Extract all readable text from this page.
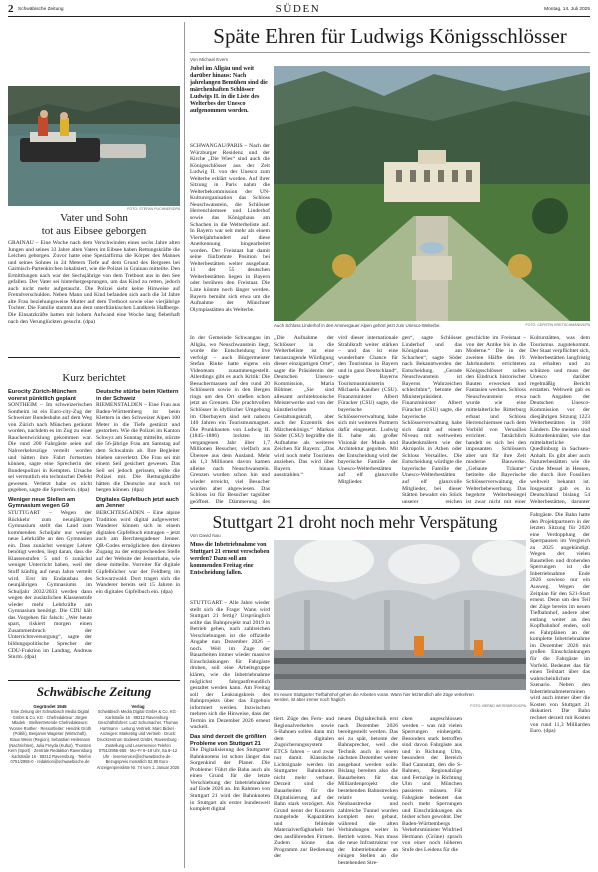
2 Schwäbische Zeitung	SÜDEN	Montag, 14. Juli 2025
FOTO: STEFAN PUCHNER/DPA
Vater und Sohn
tot aus Eibsee geborgen
GRAINAU – Eine Woche nach dem Verschwinden eines sechs Jahre alten Jungen und seines 33 Jahre alten Vaters im Eibsee haben Rettungskräfte die Leichen geborgen. Zuvor hatte eine Spezialfirma die Körper des Mannes und seines Sohnes in 24 Metern Tiefe auf dem Grund des Bergsees bei Garmisch-Partenkirchen lokalisiert, wie die Polizei in Grainau mitteilte. Den Ermittlungen nach war der Sechsjährige von dem Tretboot aus in den See gefallen. Der Vater sei hinterhergesprungen, um das Kind zu retten, jedoch auch nicht mehr aufgetaucht. Die Polizei sieht keine Hinweise auf Fremdverschulden. Neben Mann und Kind befanden sich auch die 34 Jahre alte Frau beziehungsweise Mutter auf dem Tretboot sowie eine vierjährige Tochter. Die Familie stammt aus dem unterfränkischen Landkreis Haßberge. Die Einsatzkräfte hatten mit hohem Aufwand eine Woche lang fieberhaft nach den Verunglückten gesucht. (dpa)
Kurz berichtet
Eurocity Zürich-München vorerst pünktlich geplant
SONTHEIM – Im schweizerischen Sontheim ist ein Euro-city-Zug der Schweizer Bundesbahn auf dem Weg von Zürich nach München geräumt worden, nachdem es im Zug zu einer Rauchentwicklung gekommen war. Die rund 200 Fahrgäste seien auf Nahverkehrszüge verteilt worden und hätten ihre Fahrt fortsetzen können, sagte eine Sprecherin der Bundespolizei in Kempten. Ursache sei vermutlich ein technischer Defekt gewesen. Verletzt habe es nicht gegeben, sagte die Sprecherin. (dpa)
Weniger neue Stellen am Gymnasium wegen G9
STUTTGART – Wegen der Rückkehr zum neunjährigen Gymnasium stellt das Land zum kommenden Schuljahr nur wenige neue Lehrkräfte an den Gymnasien ein. Dass zunächst weniger Lehrer benötigt werden, liegt daran, dass die Klassenstufen 5 und 6 zunächst weniger Unterricht haben, weil der Stoff künftig auf neun Jahre verteilt wird. Erst im Endausbau des neunjährigen Gymnasiums im Schuljahr 2032/2033 werden dann wegen der zusätzlichen Klassenstufe wieder mehr Lehrkräfte am Gymnasium benötigt. Die CDU hält das Vorgehen für falsch: „Wer heute spart, riskiert morgen einen Zusammenbruch der Unterrichtsversorgung“, sagte der bildungspolitische Sprecher der CDU-Fraktion im Landtag, Andreas Sturm. (dpa)
Deutsche stürbe beim Klettern in der Schweiz
RIEMENSTALDEN – Eine Frau aus Baden-Württemberg ist beim Klettern in den Schweizer Alpen 100 Meter in die Tiefe gestürzt und gestorben. Wie die Polizei im Kanton Schwyz am Sonntag mitteilte, stürzte die 56-jährige Frau am Samstag auf dem Schwalmis ab. Ihre Begleiter blieben unverletzt. Die Frau sei mit einem Seil gesichert gewesen. Das Seil sei jedoch gerissen, teilte die Polizei mit. Die Rettungskräfte hätten die Deutsche nur noch tot bergen können. (dpa)
Digitales Gipfelbuch jetzt auch am Jenner
BERCHTESGADEN – Eine alpine Tradition wird digital aufgewertet: Wanderer können sich in einem digitalen Gipfelbuch eintragen – jetzt auch am Berchtesgadener Jenner. QR-Codes ermöglichen den direkten Zugang zu der entsprechenden Stelle auf der Website der Jennerbahn, wie diese mitteilte. Vorreiter für digitale Gipfelbücher war der Feldberg im Schwarzwald. Dort tragen sich die Wanderer bereits seit 15 Jahren in ein digitales Gipfelbuch ein. (dpa)
Schwäbische Zeitung
Gegründet 1945
Eine Zeitung der Schwäbisch Media Digital GmbH & Co. KG · Chefredakteur: Jürgen Mladek · Stellvertretende Chefredakteure: Yvonne Roither · Ressortleiter: Hendrik Groth (Politik), Benjamin Wagener (Wirtschaft), Klaus Weiss (Region), Sebastian Heilemann (Nachrichten), Julia Freyda (Kultur), Thorsten Kern (Sport) · Zentrale Redaktion Ravensburg · Karlstraße 16 · 88212 Ravensburg · Telefon 0751/2955-0 · redaktion@schwaebische.de
Verlag
Schwäbisch Media Digital GmbH & Co. KG · Karlstraße 16 · 88212 Ravensburg · Geschäftsführer: Lutz Schumacher, Thomas Hartmann · Leitung Vertrieb: Marc Bickel · Anzeigen: Marketing und Vertrieb · Druck: Druckzentrum Südwest GmbH, Ravensburg · Zustellung und Leserservice Telefon 0751/2955-555 · Mo–Fr 6–18 Uhr, Sa 6–12 Uhr · leserservice@schwaebische.de · Bezugspreis monatlich 52,90 Euro · Anzeigenpreisliste Nr. 74 vom 1. Januar 2025
Späte Ehren für Ludwigs Königsschlösser
Von Michael Evers
Jubel im Allgäu und weit darüber hinaus: Nach jahrelangen Bemühen sind die märchenhaften Schlösser Ludwigs II. in die Liste des Welterbes der Unesco aufgenommen worden.
SCHWANGAU/PARIS – Nach der Würzburger Residenz und der Kirche „Die Wies“ sind auch die Königsschlösser aus der Zeit Ludwig II. von der Unesco zum Welterbe erklärt worden. Auf ihrer Sitzung in Paris nahm die Welterbekommission der UN-Kulturorganisation das Schloss Neuschwanstein, die Schlösser Herrenchiemsee und Linderhof sowie das Königshaus am Schachen in die Welterbeliste auf. In Bayern war seit mehr als einem Vierteljahrhundert auf diese Anerkennung hingearbeitet worden. Der Freistaat hat damit seine fünfzehnte Position bei Welterbestätten weiter ausgebaut. 11 der 55 deutschen Welterbestätten liegen in Bayern oder berühren den Freistaat. Die Liste könnte noch länger werden. Bayern bemüht sich etwa um die Aufnahme der Münchner Olympiastätten als Welterbe.
In der Gemeinde Schwangau im Allgäu, wo Neuschwanstein liegt, wurde die Entscheidung live verfolgt – auch Bürgermeister Stefan Rinke hatte eigens ein Videoteam zusammengestellt. Allerdings gibt es auch Kritik: Die Besuchermassen auf den rund 20 Schlössern sowie in den Bergen rings um den Ort stießen schon jetzt an Grenzen. Die prachtvollen Schlösser in idyllischer Umgebung im Oberbayern sind seit nahezu 140 Jahren ein Tourismusmagnet. Die Prunkbauten von Ludwig II. (1845–1886) lockten im vergangenen Jahr über 1,7 Millionen Besucher, vielfach aus Übersee aus dem Ausland. Mehr als 1,3 Millionen davon kamen alleine nach Neuschwanstein. Grenzen wurden schon hin und wieder erreicht, viel Besucher wurden aber abgewiesen. Das Schloss ist für Besucher tagsüber geöffnet. Die Dämmerung des
Auch Schloss Linderhof in den Ammergauer Alpen gehört jetzt zum Unesco-Welterbe.	FOTO: CERSTIN KRETSCHMANN/DPA
„Die Aufnahme der Schlösser in die Welterbeliste ist eine herausragende Würdigung dieser einzigartigen Orte“, sagte die Präsidentin der Deutschen Unesco-Kommission, Maria Böhmer. „Sie sind allesamt architektonische Meisterwerke und von der künstlerischen Gestaltungskraft, aber auch der Exzentrik des Märchenkönigs.“ Markus Söder (CSU) begrüßte die Aufnahme als weiteres Zeichen für Bayern: „Das wird noch mehr Touristen anziehen. Das wird über Bayern hinaus ausstrahlen.“
vird dieser internationale Strahlkraft weiter stärken – und das ist eine wunderbare Chance für den Tourismus in Bayern und in ganz Deutschland“, sagte Bayerns Tourismusministerin Michaela Kaniber (CSU). Finanzminister Albert Füracker (CSU) sagte, die bayerische Schlösserverwaltung habe sich mit weiteren Partnern dafür eingesetzt. Ludwig II. habe als großer Visionär der Musik und Architektur gegolten. Mit der Entscheidung wird der bayerische Familie der Unesco-Welterbestätten auf elf glanzvolle Mitglieder.
gen“, sagte Schlösser Linderhof und das Königshaus am Schachen“, sagte Söder nach Bekanntwerden der Entscheidung. „Gerade Neuschwanstein ist Bayerns Wahrzeichen schlechthin“, betonte der Ministerpräsident. Finanzminister Albert Füracker (CSU) sagte, die bayerische Schlösserverwaltung habe sich damit auf einem Niveau mit weltweiten Baudenkmälern wie der Akropolis in Athen oder Schloss Versailles. Die Entscheidung würdigte die bayerische Familie der Unesco-Welterbestätten auf elf glanzvolle Mitglieder, bei dieser Stätten bewahrt ein Stück unserer reichen
geschichte im Freistaat – von der Antike bis in die Moderne.“ Die in der zweiten Hälfte des 19. Jahrhunderts errichteten Königsschlösser sollen den Eindruck historischer Bauten erwecken und Fantasien wecken. Schloss Neuschwanstein etwa wurde wie eine mittelalterliche Ritterburg erbaut und Schloss Herrenchiemsee nach dem Vorbild von Versailles errichtet. Tatsächlich handelt es sich bei den imposanten Schlössern aber um für ihre Zeit moderne Bauwerke. „Gebaute Träume“ betitelte die Bayerische Schlösserverwaltung die Welterbebewerbung. Das begehrte Welterbesiegel ist zwar nicht mit einer
Kulturstätten, was dem Tourismus zugutekommt. Der Staat verpflichtet sich, Welterbestätten langfristig zu erhalten und zu schützen und muss der Unesco darüber regelmäßig Bericht erstatten. Weltweit gab es nach Angaben der Deutschen Unesco-Kommission vor der diesjährigen Sitzung 1223 Welterbestätten in 168 Ländern. Die meisten sind Kulturdenkmäler, wie das mittelalterliche Quedlinburg in Sachsen-Anhalt. Es gibt aber auch Naturerbestätten wie die Grube Messel in Hessen, die durch ihre Fossilien weltweit bekannt ist. Insgesamt gab es in Deutschland bislang 54 Welterbestätten, darunter
Stuttgart 21 droht noch mehr Verspätung
Von David Nau
Muss die Inbetriebnahme von Stuttgart 21 erneut verschoben werden? Dazu soll am kommenden Freitag eine Entscheidung fallen.
STUTTGART – Alle Jahre wieder stellt sich die Frage: Wann wird Stuttgart 21 fertig? Ursprünglich sollte das Bahnprojekt mal 2019 in Betrieb gehen, nach zahlreichen Verschiebungen ist die offizielle Angabe nun Dezember 2026 – noch. Weil im Zuge der Bauarbeiten immer wieder massive Einschränkungen für Fahrgäste drohen, soll eine Arbeitsgruppe klären, wie die Inbetriebnahme möglichst fahrgastfreundlich gestaltet werden kann. Am Freitag soll der Lenkungskreis des Bahnprojekts über das Ergebnis informiert werden. Inzwischen mehren sich die Hinweise, dass der Termin im Dezember 2026 erneut wackelt.
Das sind derzeit die größten Probleme von Stuttgart 21
Die Digitalisierung des Stuttgarter Bahnknotens ist schon länger das Sorgenkind der Planer. Die Probleme: Führt die Bahn auch als einen Grund für die letzte Verschiebung der Inbetriebnahme auf Ende 2026 an. Im Rahmen von Stuttgart 21 wird der Bahnknoten in Stuttgart als erster bundesweit komplett digital
Im neuen Stuttgarter Tiefbahnhof gehen die Arbeiten voran. Wann hier letztendlich alle Züge verkehren werden, ist aber immer noch fraglich.
FOTO: BERND WEISSBROD/DPA
tiert. Züge des Fern- und Regionalverkehrs sowie S-Bahnen sollen dann mit dem digitalen Zugsicherungssystem ETCS fahren – und zwar nur damit. Klassische Lichtsignale werden im Stuttgarter Bahnknoten nicht mehr verbaut. Derzeit sind die Bauarbeiten für die Digitalisierung auf der Bahn stark verzögert. Als Grund nennt der Konzern mangelnde Kapazitäten und fehlende Materialverfügbarkeit bei den ausführenden Firmen. Zudem könne das Programm zur Bedienung der
neuen Digitaltechnik erst nach Dezember 2026 bereitgestellt werden. Das sei zu spät, betonte der Bahnsprecher, weil die Technik auch in einem nächsten Dezember weiter ausgebaut werden solle. Bislang bereiten also die Bauarbeiten für das Milliardenprojekt die bestehenden Bahnstrecken relativ wenig. Neubaustrecke und zahlreiche Tunnel wurden komplett neu gebaut, während die alten Verbindungen weiter in Betrieb waren. Nun muss die neue Infrastruktur vor der Inbetriebnahme an einigen Stellen an die bestehenden Stre-
cken angeschlossen werden – was mit vielen Sperrungen einhergeht. Besonders stark betroffen sind davon Fahrgäste aus und in Richtung Ulm, besonders der Bereich Bad Cannstatt, den die S-Bahnen, Regionalzüge und Fernzüge in Richtung Ulm und München passieren müssen. Für Fahrgäste bedeutet das noch mehr Sperrungen und Einschränkungen als bisher schon gewohnt. Der Baden-Württembergs Verkehrsminister Winfried Hermann (Grüne) sprach von einer noch höheren Stufe des Leidens für die
Fahrgäste. Die Bahn hatte den Projektpartnern in der letzten Sitzung für 2026 eine Verdopplung der Sperrpausen im Vergleich zu 2025 angekündigt. Wegen der vielen Baustellen und drohenden Sperrungen ist die Inbetriebnahme Ende 2026 sowieso nur ein Ausweg. Wegen der Zeitplan für den S21-Start erneut. Denn um den Teil der Züge bereits im neuen Tiefbahnhof, andere aber entlang weiter an den Kopfbahnhof enden, soll es Fahrplänen an der komplette Inbetriebnahme im Dezember 2026 mit großen Einschränkungen für die Fahrgäste im Vorfeld. Bedeutet das für einen Teilstart über das wahrscheinlichste Szenario. Neben den Inbetriebnahmeterminen wird auch immer über die Kosten von Stuttgart 21 diskutiert. Die Bahn rechnet derzeit mit Kosten von rund 11,3 Milliarden Euro. (dpa)
